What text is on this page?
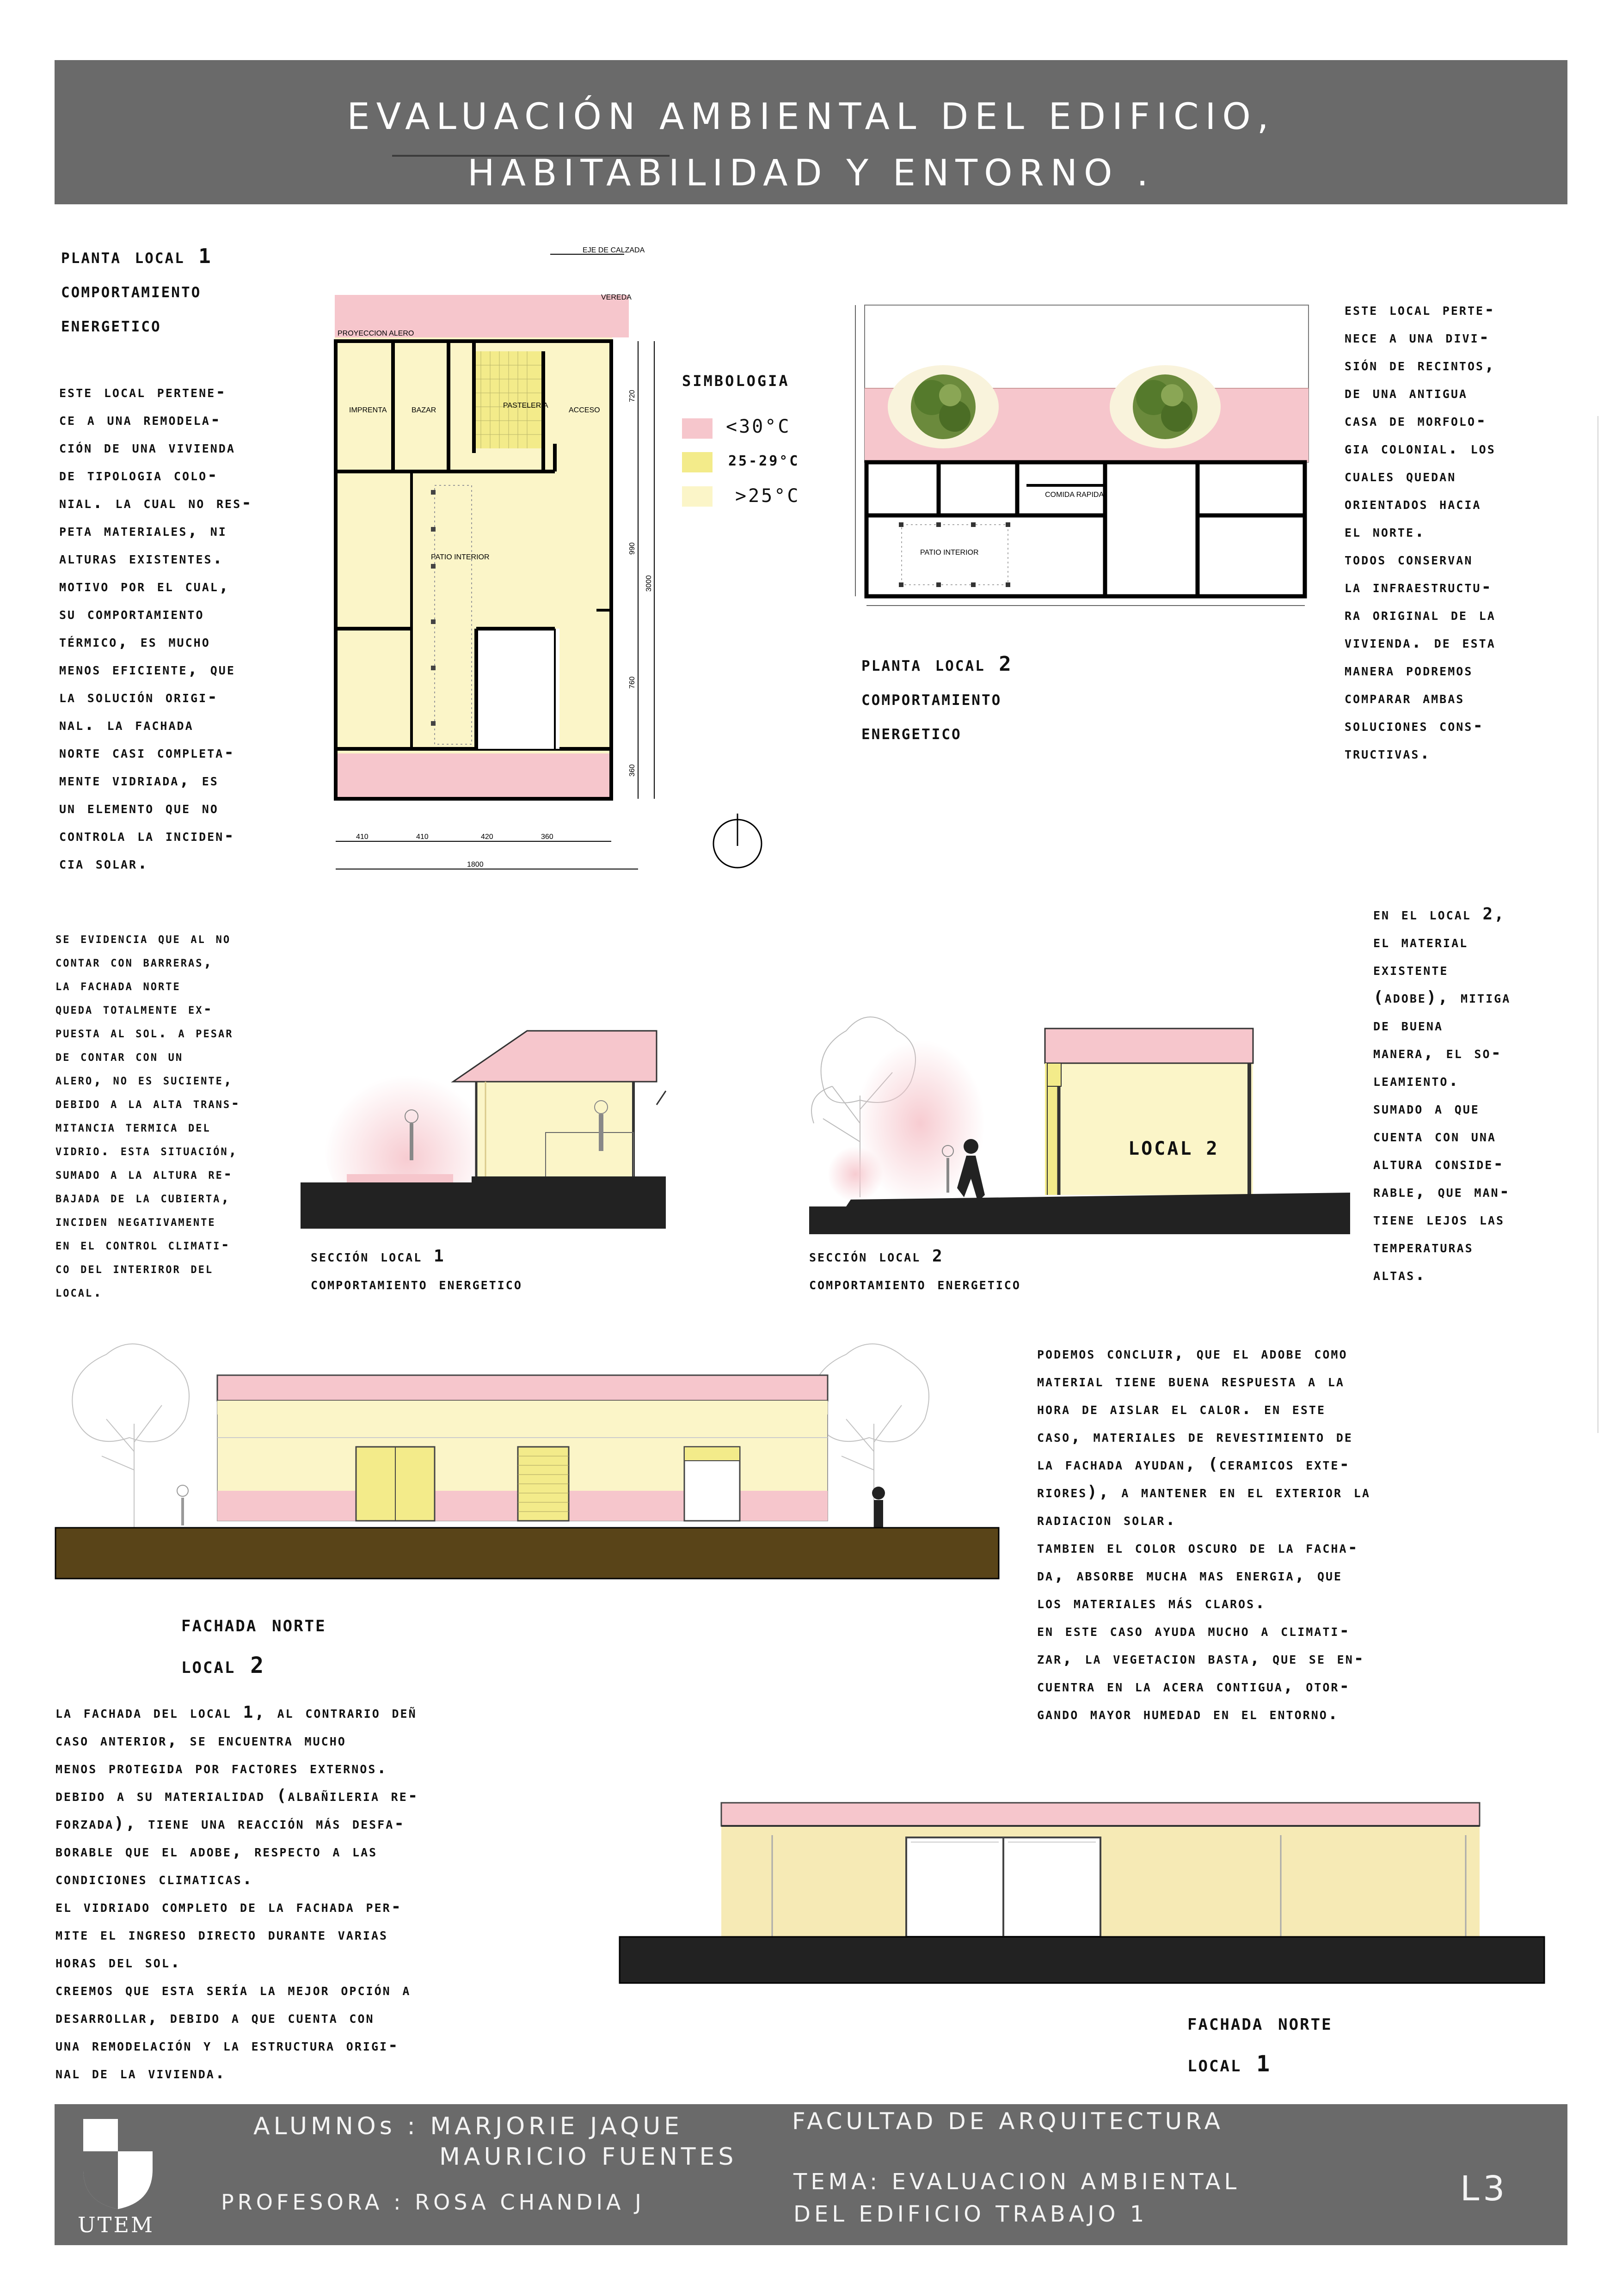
EVALUACIÓN AMBIENTAL DEL EDIFICIO,
HABITABILIDAD Y ENTORNO .
planta local 1
comportamiento
energetico
este local pertene-
ce a una remodela-
ción de una vivienda
de tipologia colo-
nial. la cual no res-
peta materiales, ni
alturas existentes.
motivo por el cual,
su comportamiento
térmico, es mucho
menos eficiente, que
la solución origi-
nal. la fachada
norte casi completa-
mente vidriada, es
un elemento que no
controla la inciden-
cia solar.
EJE DE CALZADA
VEREDA
PROYECCION ALERO
IMPRENTA	BAZAR
PASTELERIA
ACCESO
PATIO INTERIOR
720
990
760
360
3000
410	410	420	360
1800
SIMBOLOGIA
<30°C
25-29°C
>25°C	COMIDA RAPIDA
PATIO INTERIOR
planta local 2
comportamiento
energetico
este local perte-
nece a una divi-
sión de recintos,
de una antigua
casa de morfolo-
gia colonial. los
cuales quedan
orientados hacia
el norte.
todos conservan
la infraestructu-
ra original de la
vivienda. de esta
manera podremos
comparar ambas
soluciones cons-
tructivas.
se evidencia que al no
contar con barreras,
la fachada norte
queda totalmente ex-
puesta al sol. a pesar
de contar con un
alero, no es suciente,
debido a la alta trans-
mitancia termica del
vidrio. esta situación,
sumado a la altura re-
bajada de la cubierta,
inciden negativamente
en el control climati-
co del interiror del
local.
sección local 1
comportamiento energetico
LOCAL 2
sección local 2
comportamiento energetico
en el local 2,
el material
existente
(adobe), mitiga
de buena
manera, el so-
leamiento.
sumado a que
cuenta con una
altura conside-
rable, que man-
tiene lejos las
temperaturas
altas.
podemos concluir, que el adobe como
material tiene buena respuesta a la
hora de aislar el calor. en este
caso, materiales de revestimiento de
la fachada ayudan, (ceramicos exte-
riores), a mantener en el exterior la
radiacion solar.
tambien el color oscuro de la facha-
da, absorbe mucha mas energia, que
los materiales más claros.
en este caso ayuda mucho a climati-
zar, la vegetacion basta, que se en-
cuentra en la acera contigua, otor-
gando mayor humedad en el entorno.
fachada norte
local 2
la fachada del local 1, al contrario deñ
caso anterior, se encuentra mucho
menos protegida por factores externos.
debido a su materialidad (albañileria re-
forzada), tiene una reacción más desfa-
borable que el adobe, respecto a las
condiciones climaticas.
el vidriado completo de la fachada per-
mite el ingreso directo durante varias
horas del sol.
creemos que esta sería la mejor opción a
desarrollar, debido a que cuenta con
una remodelación y la estructura origi-
nal de la vivienda.
fachada norte
local 1
UTEM
ALUMNOs : MARJORIE JAQUE
MAURICIO FUENTES
PROFESORA : ROSA CHANDIA J
FACULTAD DE ARQUITECTURA
TEMA: EVALUACION AMBIENTAL
DEL EDIFICIO TRABAJO 1
L3
